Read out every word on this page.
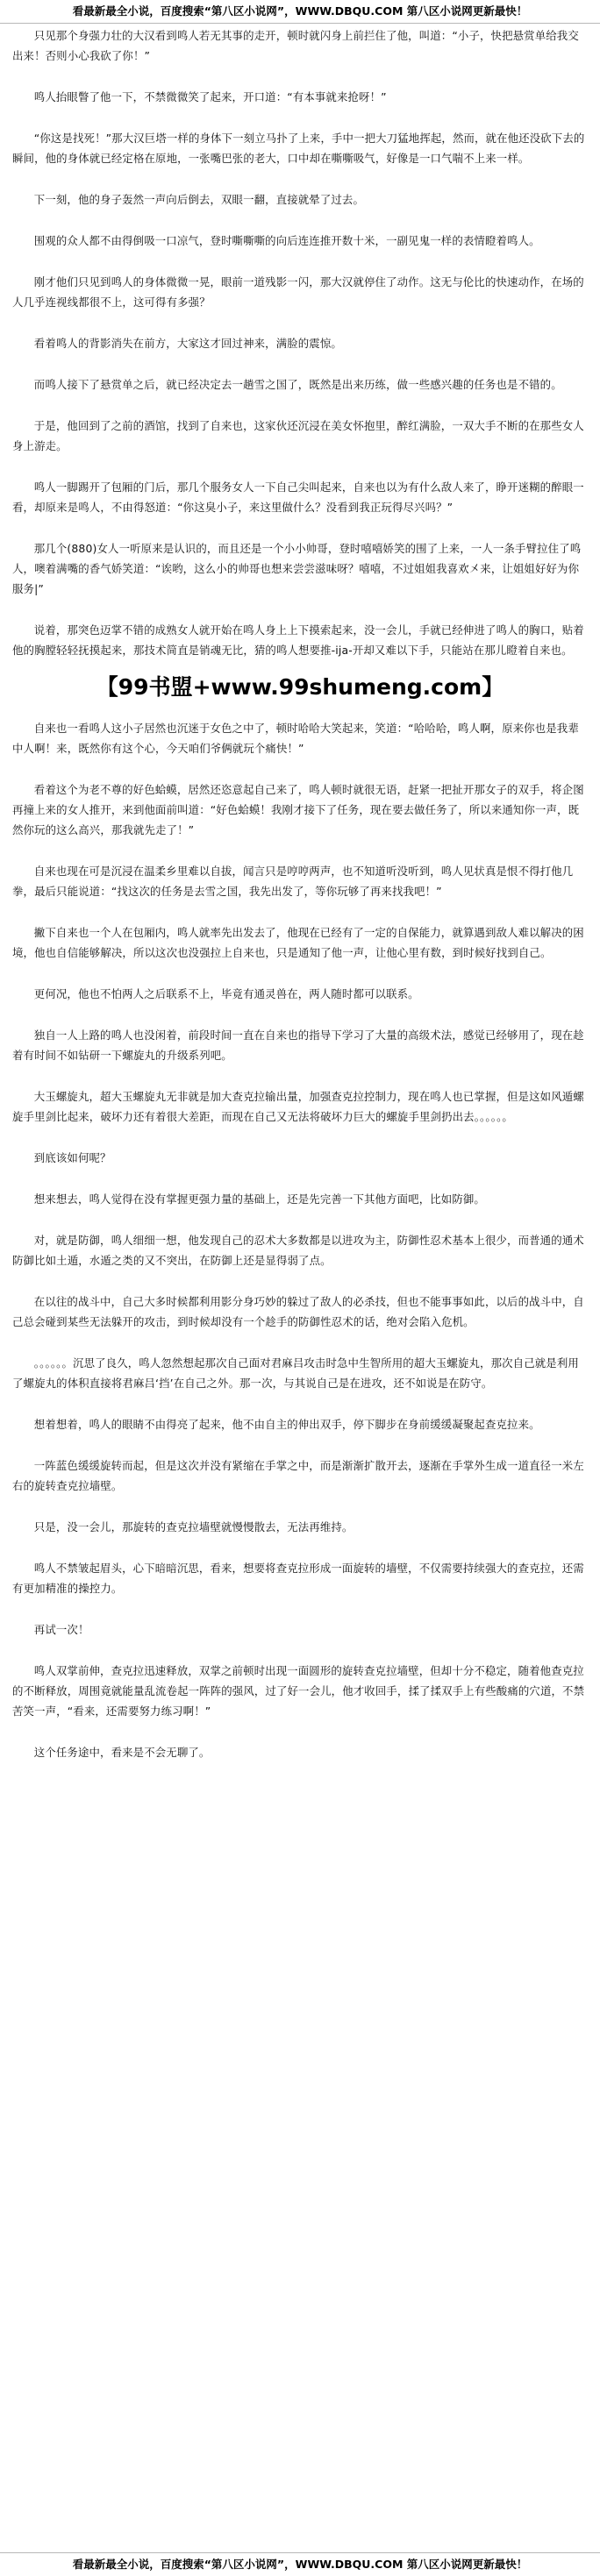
看最新最全小说，百度搜索“第八区小说网”，WWW.DBQU.COM 第八区小说网更新最快！

只见那个身强力壮的大汉看到鸣人若无其事的走开，顿时就闪身上前拦住了他，叫道：“小子，快把悬赏单给我交出来！否则小心我砍了你！”

鸣人抬眼瞥了他一下，不禁微微笑了起来，开口道：“有本事就来抢呀！”

“你这是找死！”那大汉巨塔一样的身体下一刻立马扑了上来，手中一把大刀猛地挥起，然而，就在他还没砍下去的瞬间，他的身体就已经定格在原地，一张嘴巴张的老大，口中却在嘶嘶吸气，好像是一口气喘不上来一样。

下一刻，他的身子轰然一声向后倒去，双眼一翻，直接就晕了过去。

围观的众人都不由得倒吸一口凉气，登时嘶嘶嘶的向后连连推开数十米，一副见鬼一样的表情瞪着鸣人。

刚才他们只见到鸣人的身体微微一晃，眼前一道残影一闪，那大汉就停住了动作。这无与伦比的快速动作，在场的人几乎连视线都很不上，这可得有多强？

看着鸣人的背影消失在前方，大家这才回过神来，满脸的震惊。

而鸣人接下了悬赏单之后，就已经决定去一趟雪之国了，既然是出来历练，做一些感兴趣的任务也是不错的。

于是，他回到了之前的酒馆，找到了自来也，这家伙还沉浸在美女怀抱里，醉红满脸，一双大手不断的在那些女人身上游走。

鸣人一脚踢开了包厢的门后，那几个服务女人一下自己尖叫起来，自来也以为有什么敌人来了，睁开迷糊的醉眼一看，却原来是鸣人，不由得怒道：“你这臭小子，来这里做什么？没看到我正玩得尽兴吗？”

那几个(880)女人一听原来是认识的，而且还是一个小小帅哥，登时嘻嘻娇笑的围了上来，一人一条手臂拉住了鸣人，噢着满嘴的香气娇笑道：“诶哟，这么小的帅哥也想来尝尝滋味呀？嘻嘻，不过姐姐我喜欢㐅来，让姐姐好好为你服务|”

说着，那突色迈掌不错的成熟女人就开始在鸣人身上上下摸索起来，没一会儿，手就已经伸进了鸣人的胸口，贴着他的胸膛轻轻抚摸起来，那技术简直是销魂无比，猜的鸣人想要推-ija-开却又难以下手，只能站在那儿瞪着自来也。

【99书盟+www.99shumeng.com】

自来也一看鸣人这小子居然也沉迷于女色之中了，顿时哈哈大笑起来，笑道：“哈哈哈，鸣人啊，原来你也是我辈中人啊！来，既然你有这个心，今天咱们爷俩就玩个痛快！”

看着这个为老不尊的好色蛤蟆，居然还恣意起自己来了，鸣人顿时就很无语，赶紧一把扯开那女子的双手，将企图再撞上来的女人推开，来到他面前叫道：“好色蛤蟆！我刚才接下了任务，现在要去做任务了，所以来通知你一声，既然你玩的这么高兴，那我就先走了！”

自来也现在可是沉浸在温柔乡里难以自拔，闻言只是哼哼两声，也不知道听没听到，鸣人见状真是恨不得打他几拳，最后只能说道：“找这次的任务是去雪之国，我先出发了，等你玩够了再来找我吧！”

撇下自来也一个人在包厢内，鸣人就率先出发去了，他现在已经有了一定的自保能力，就算遇到敌人难以解决的困境，他也自信能够解决，所以这次也没强拉上自来也，只是通知了他一声，让他心里有数，到时候好找到自己。

更何况，他也不怕两人之后联系不上，毕竟有通灵兽在，两人随时都可以联系。

独自一人上路的鸣人也没闲着，前段时间一直在自来也的指导下学习了大量的高级术法，感觉已经够用了，现在趁着有时间不如钻研一下螺旋丸的升级系列吧。

大玉螺旋丸，超大玉螺旋丸无非就是加大查克拉输出量，加强查克拉控制力，现在鸣人也已掌握，但是这如风遁螺旋手里剑比起来，破坏力还有着很大差距，而现在自己又无法将破坏力巨大的螺旋手里剑扔出去。。。。。。

到底该如何呢？

想来想去，鸣人觉得在没有掌握更强力量的基础上，还是先完善一下其他方面吧，比如防御。

对，就是防御，鸣人细细一想，他发现自己的忍术大多数都是以进攻为主，防御性忍术基本上很少，而普通的通术防御比如土遁，水遁之类的又不突出，在防御上还是显得弱了点。

在以往的战斗中，自己大多时候都利用影分身巧妙的躲过了敌人的必杀技，但也不能事事如此，以后的战斗中，自己总会碰到某些无法躲开的攻击，到时候却没有一个趁手的防御性忍术的话，绝对会陷入危机。

。。。。。。沉思了良久，鸣人忽然想起那次自己面对君麻吕攻击时急中生智所用的超大玉螺旋丸，那次自己就是利用了螺旋丸的体积直接将君麻吕‘挡’在自己之外。那一次，与其说自己是在进攻，还不如说是在防守。

想着想着，鸣人的眼睛不由得亮了起来，他不由自主的伸出双手，停下脚步在身前缓缓凝聚起查克拉来。

一阵蓝色缓缓旋转而起，但是这次并没有紧缩在手掌之中，而是渐渐扩散开去，逐渐在手掌外生成一道直径一米左右的旋转查克拉墙壁。

只是，没一会儿，那旋转的查克拉墙壁就慢慢散去，无法再维持。

鸣人不禁皱起眉头，心下暗暗沉思，看来，想要将查克拉形成一面旋转的墙壁，不仅需要持续强大的查克拉，还需有更加精准的操控力。

再试一次！

鸣人双掌前伸，查克拉迅速释放，双掌之前顿时出现一面圆形的旋转查克拉墙壁，但却十分不稳定，随着他查克拉的不断释放，周围竟就能量乱流卷起一阵阵的强风，过了好一会儿，他才收回手，揉了揉双手上有些酸痛的穴道，不禁苦笑一声，“看来，还需要努力练习啊！”

这个任务途中，看来是不会无聊了。

看最新最全小说，百度搜索“第八区小说网”，WWW.DBQU.COM 第八区小说网更新最快！
